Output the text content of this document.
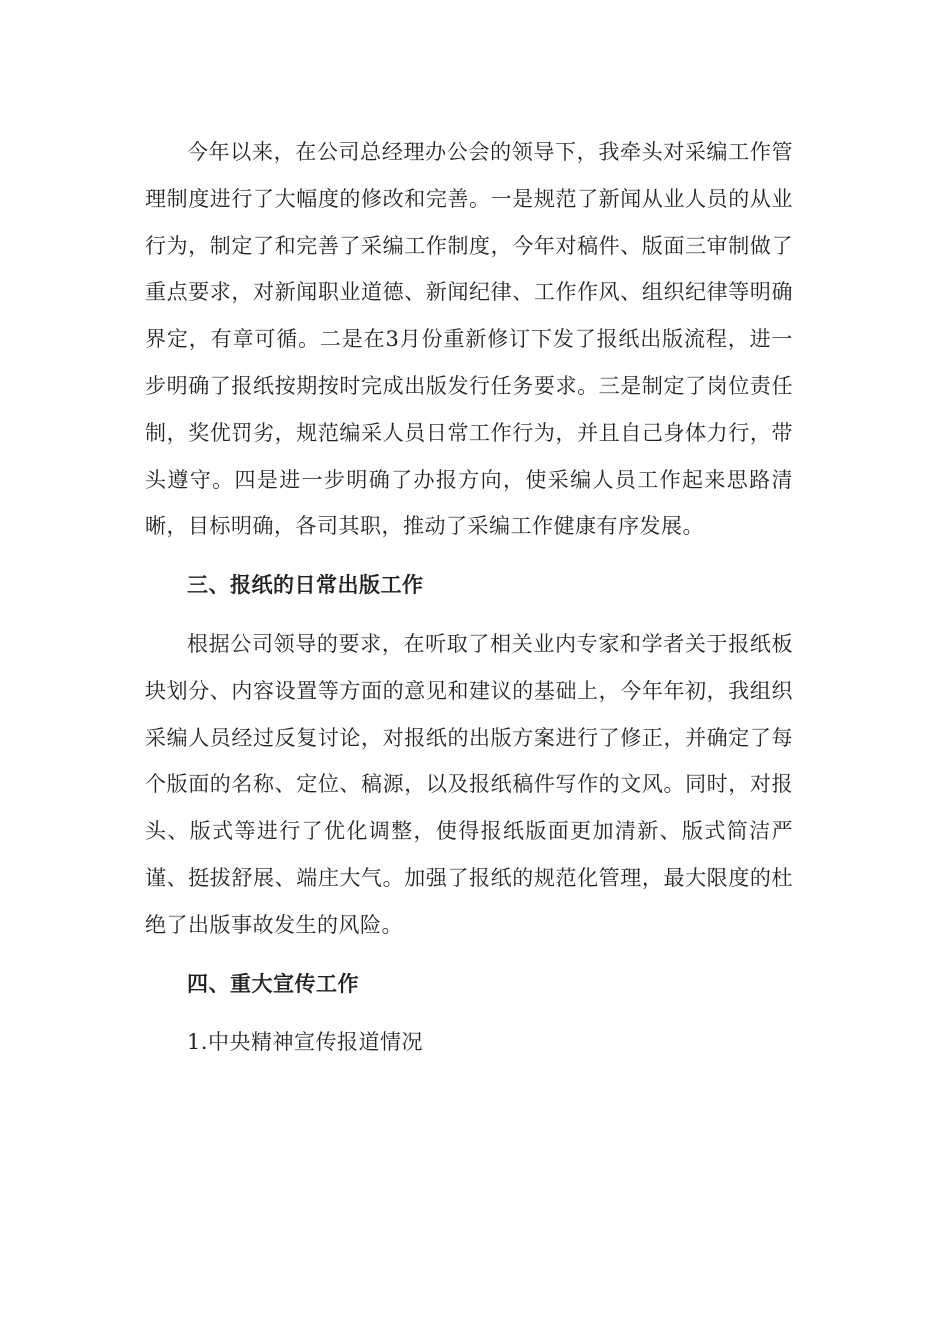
今年以来，在公司总经理办公会的领导下，我牵头对采编工作管理制度进行了大幅度的修改和完善。一是规范了新闻从业人员的从业行为，制定了和完善了采编工作制度，今年对稿件、版面三审制做了重点要求，对新闻职业道德、新闻纪律、工作作风、组织纪律等明确界定，有章可循。二是在3月份重新修订下发了报纸出版流程，进一步明确了报纸按期按时完成出版发行任务要求。三是制定了岗位责任制，奖优罚劣，规范编采人员日常工作行为，并且自己身体力行，带头遵守。四是进一步明确了办报方向，使采编人员工作起来思路清晰，目标明确，各司其职，推动了采编工作健康有序发展。

三、报纸的日常出版工作

根据公司领导的要求，在听取了相关业内专家和学者关于报纸板块划分、内容设置等方面的意见和建议的基础上，今年年初，我组织采编人员经过反复讨论，对报纸的出版方案进行了修正，并确定了每个版面的名称、定位、稿源，以及报纸稿件写作的文风。同时，对报头、版式等进行了优化调整，使得报纸版面更加清新、版式简洁严谨、挺拔舒展、端庄大气。加强了报纸的规范化管理，最大限度的杜绝了出版事故发生的风险。

四、重大宣传工作

1.中央精神宣传报道情况
